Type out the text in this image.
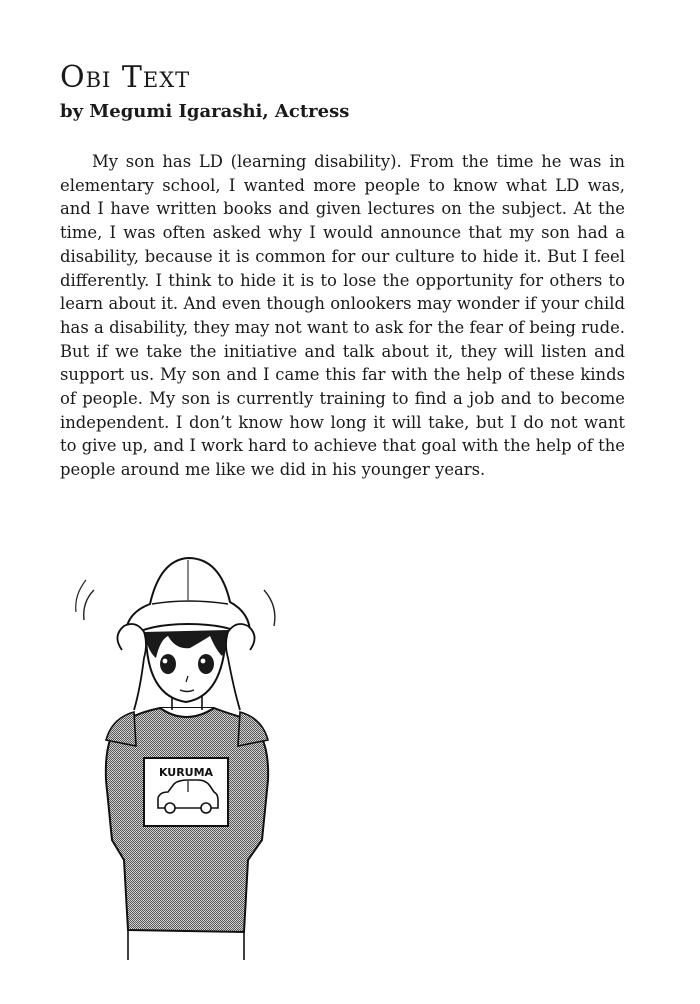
Obi Text
by Megumi Igarashi, Actress

My son has LD (learning disability). From the time he was in elementary school, I wanted more people to know what LD was, and I have written books and given lectures on the subject. At the time, I was often asked why I would announce that my son had a disability, because it is common for our culture to hide it. But I feel differently. I think to hide it is to lose the opportunity for others to learn about it. And even though onlookers may wonder if your child has a disability, they may not want to ask for the fear of being rude. But if we take the initiative and talk about it, they will listen and support us. My son and I came this far with the help of these kinds of people. My son is currently training to find a job and to become independent. I don’t know how long it will take, but I do not want to give up, and I work hard to achieve that goal with the help of the people around me like we did in his younger years.

KURUMA
